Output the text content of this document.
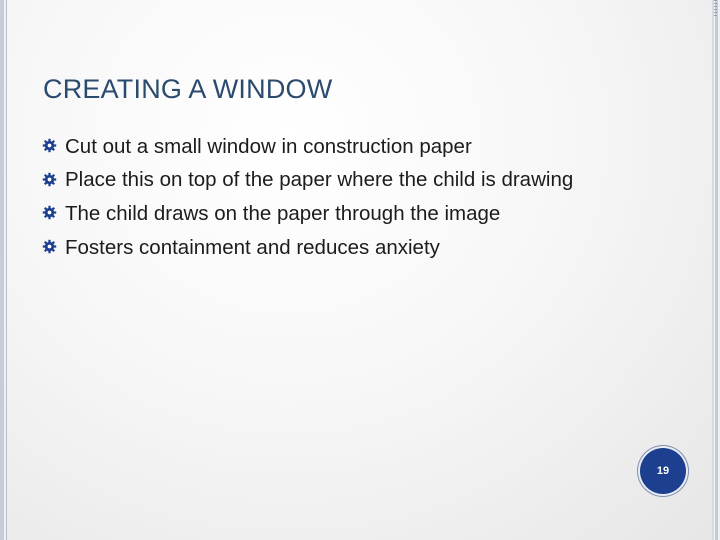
CREATING A WINDOW
Cut out a small window in construction paper
Place this on top of the paper where the child is drawing
The child draws on the paper through the image
Fosters containment and reduces anxiety
19
